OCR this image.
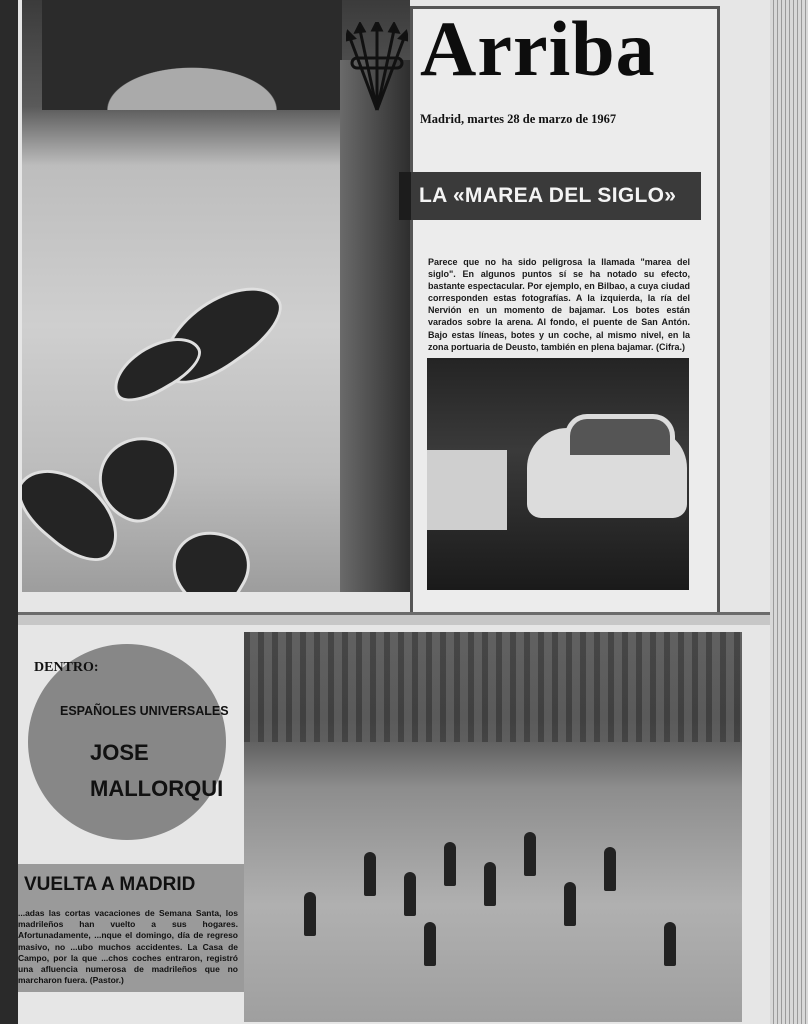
Arriba
Madrid, martes 28 de marzo de 1967
LA «MAREA DEL SIGLO»
Parece que no ha sido peligrosa la llamada "marea del siglo". En algunos puntos sí se ha notado su efecto, bastante espectacular. Por ejemplo, en Bilbao, a cuya ciudad corresponden estas fotografías. A la izquierda, la ría del Nervión en un momento de bajamar. Los botes están varados sobre la arena. Al fondo, el puente de San Antón. Bajo estas líneas, botes y un coche, al mismo nivel, en la zona portuaria de Deusto, también en plena bajamar. (Cifra.)
DENTRO:
ESPAÑOLES UNIVERSALES
JOSE
MALLORQUI
VUELTA A MADRID
...adas las cortas vacaciones de Semana Santa, los madrileños han vuelto a sus hogares. Afortunadamente, ...nque el domingo, día de regreso masivo, no ...ubo muchos accidentes. La Casa de Campo, por la que ...chos coches entraron, registró una afluencia numerosa de madrileños que no marcharon fuera. (Pastor.)
